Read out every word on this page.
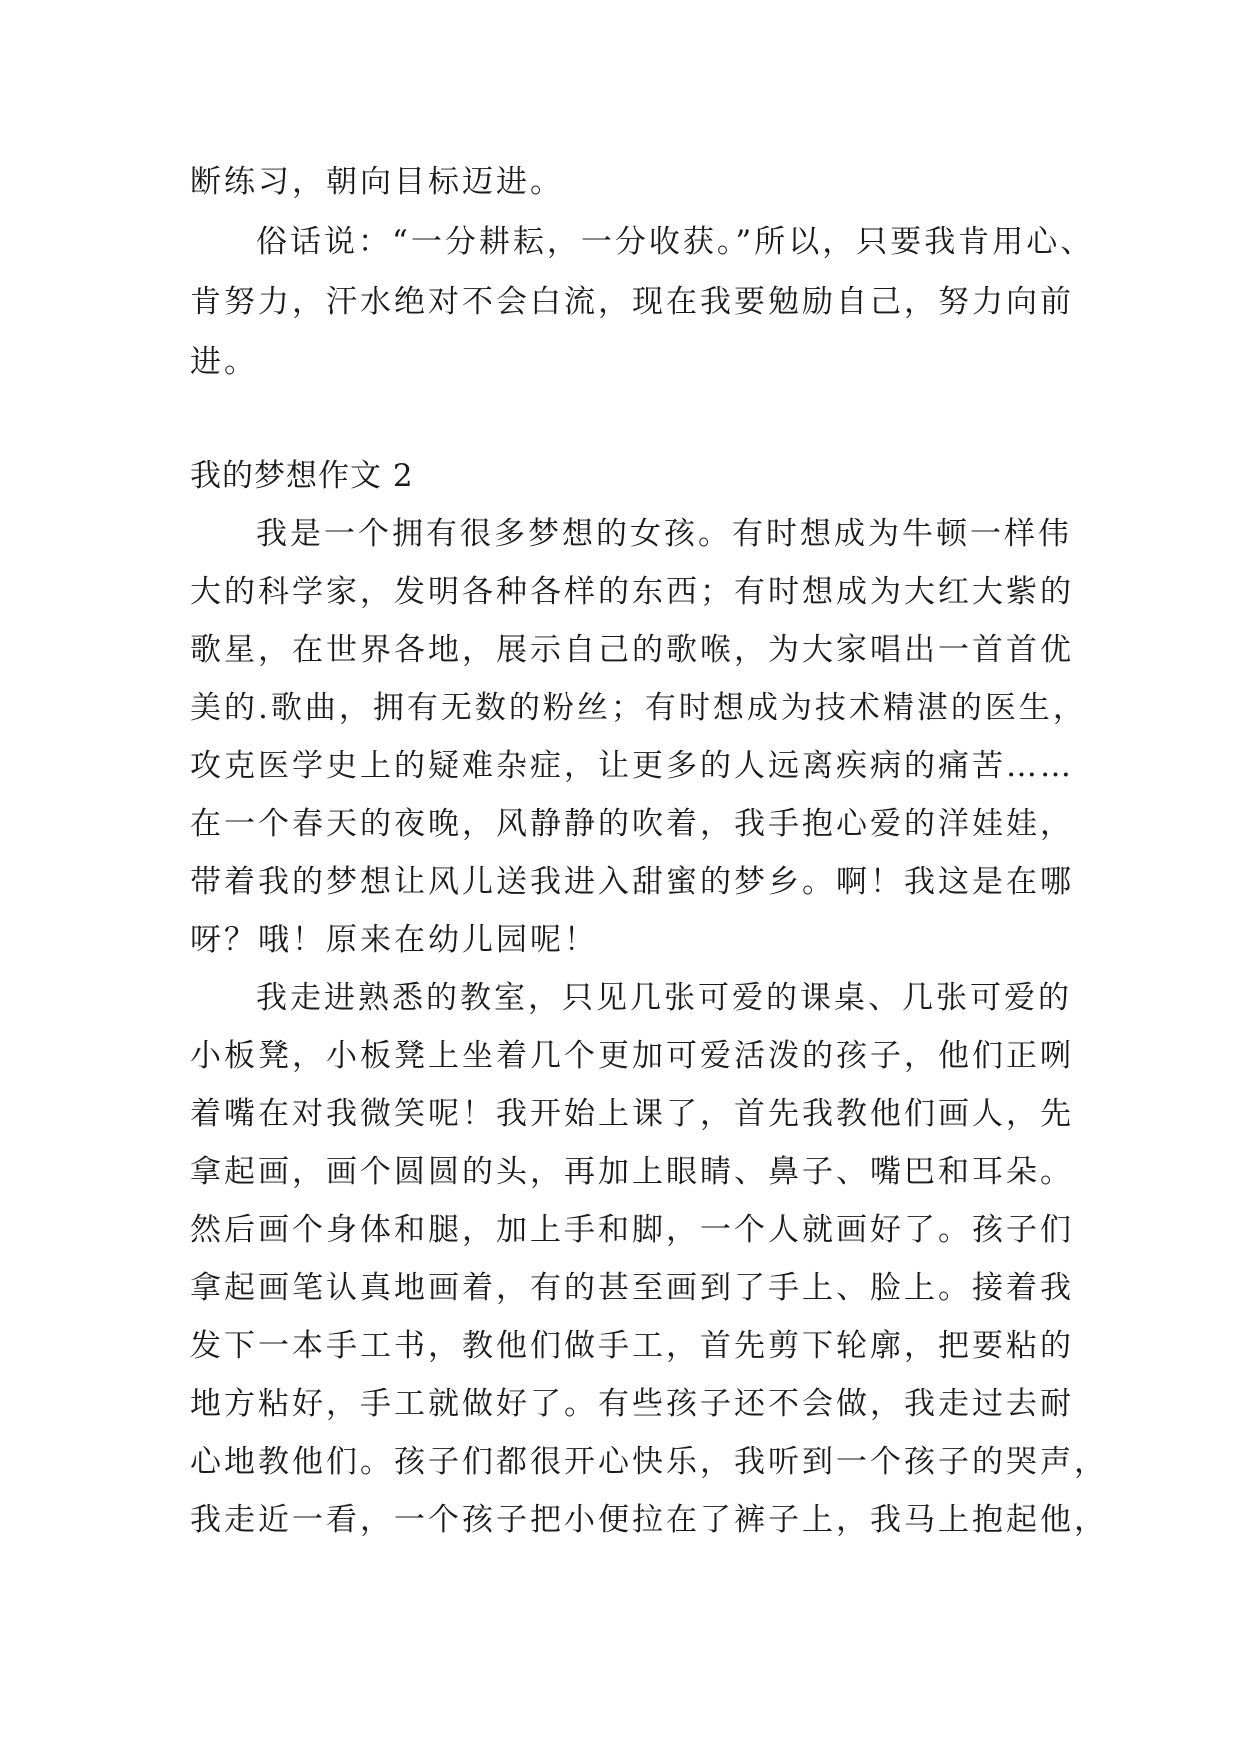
断练习，朝向目标迈进。
俗话说：“一分耕耘，一分收获。”所以，只要我肯用心、
肯努力，汗水绝对不会白流，现在我要勉励自己，努力向前
进。
我的梦想作文 2
我是一个拥有很多梦想的女孩。有时想成为牛顿一样伟
大的科学家，发明各种各样的东西；有时想成为大红大紫的
歌星，在世界各地，展示自己的歌喉，为大家唱出一首首优
美的.歌曲，拥有无数的粉丝；有时想成为技术精湛的医生，
攻克医学史上的疑难杂症，让更多的人远离疾病的痛苦……
在一个春天的夜晚，风静静的吹着，我手抱心爱的洋娃娃，
带着我的梦想让风儿送我进入甜蜜的梦乡。啊！我这是在哪
呀？哦！原来在幼儿园呢！
我走进熟悉的教室，只见几张可爱的课桌、几张可爱的
小板凳，小板凳上坐着几个更加可爱活泼的孩子，他们正咧
着嘴在对我微笑呢！我开始上课了，首先我教他们画人，先
拿起画，画个圆圆的头，再加上眼睛、鼻子、嘴巴和耳朵。
然后画个身体和腿，加上手和脚，一个人就画好了。孩子们
拿起画笔认真地画着，有的甚至画到了手上、脸上。接着我
发下一本手工书，教他们做手工，首先剪下轮廓，把要粘的
地方粘好，手工就做好了。有些孩子还不会做，我走过去耐
心地教他们。孩子们都很开心快乐，我听到一个孩子的哭声，
我走近一看，一个孩子把小便拉在了裤子上，我马上抱起他，
